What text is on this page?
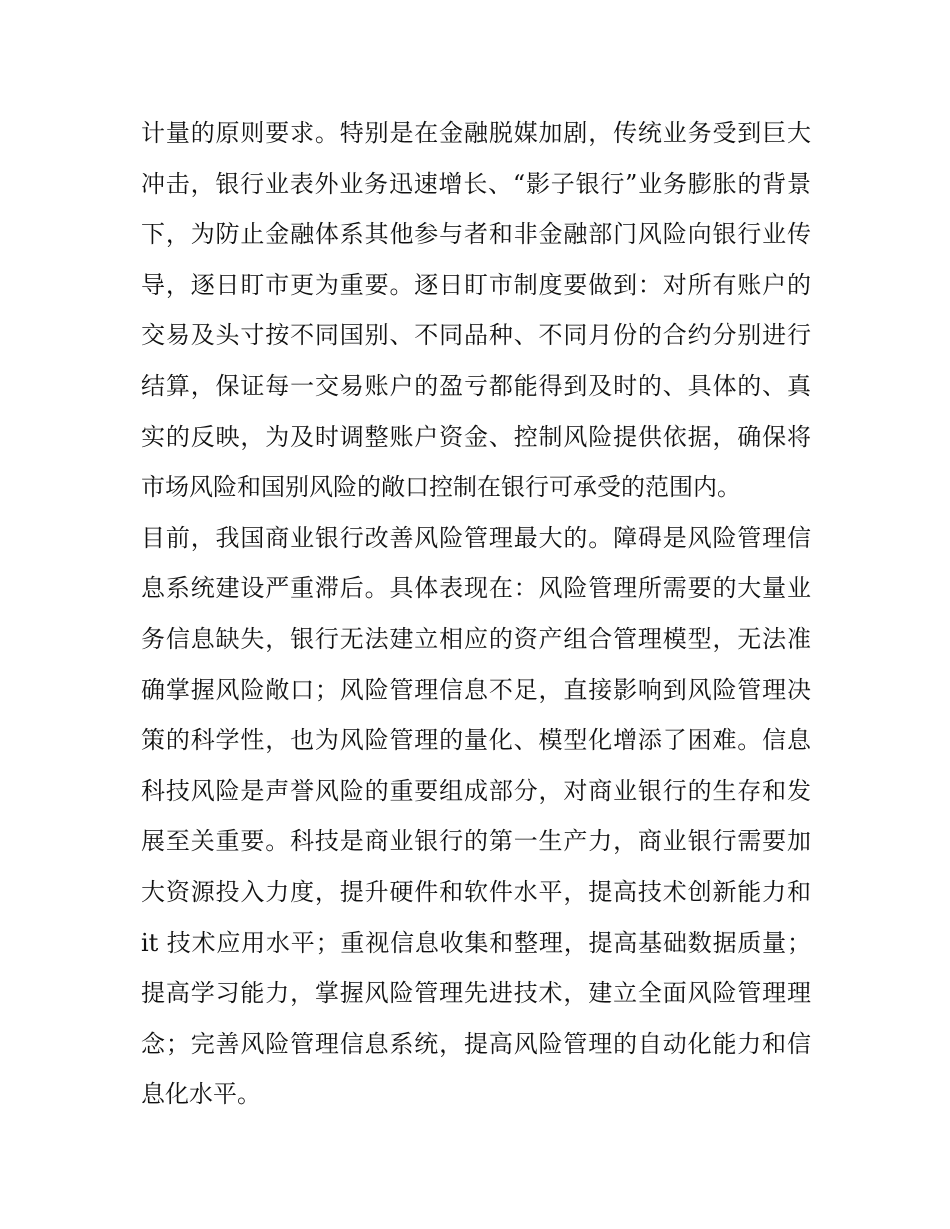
计量的原则要求。特别是在金融脱媒加剧，传统业务受到巨大
冲击，银行业表外业务迅速增长、“影子银行”业务膨胀的背景
下，为防止金融体系其他参与者和非金融部门风险向银行业传
导，逐日盯市更为重要。逐日盯市制度要做到：对所有账户的
交易及头寸按不同国别、不同品种、不同月份的合约分别进行
结算，保证每一交易账户的盈亏都能得到及时的、具体的、真
实的反映，为及时调整账户资金、控制风险提供依据，确保将
市场风险和国别风险的敞口控制在银行可承受的范围内。
目前，我国商业银行改善风险管理最大的。障碍是风险管理信
息系统建设严重滞后。具体表现在：风险管理所需要的大量业
务信息缺失，银行无法建立相应的资产组合管理模型，无法准
确掌握风险敞口；风险管理信息不足，直接影响到风险管理决
策的科学性，也为风险管理的量化、模型化增添了困难。信息
科技风险是声誉风险的重要组成部分，对商业银行的生存和发
展至关重要。科技是商业银行的第一生产力，商业银行需要加
大资源投入力度，提升硬件和软件水平，提高技术创新能力和
it 技术应用水平；重视信息收集和整理，提高基础数据质量；
提高学习能力，掌握风险管理先进技术，建立全面风险管理理
念；完善风险管理信息系统，提高风险管理的自动化能力和信
息化水平。
